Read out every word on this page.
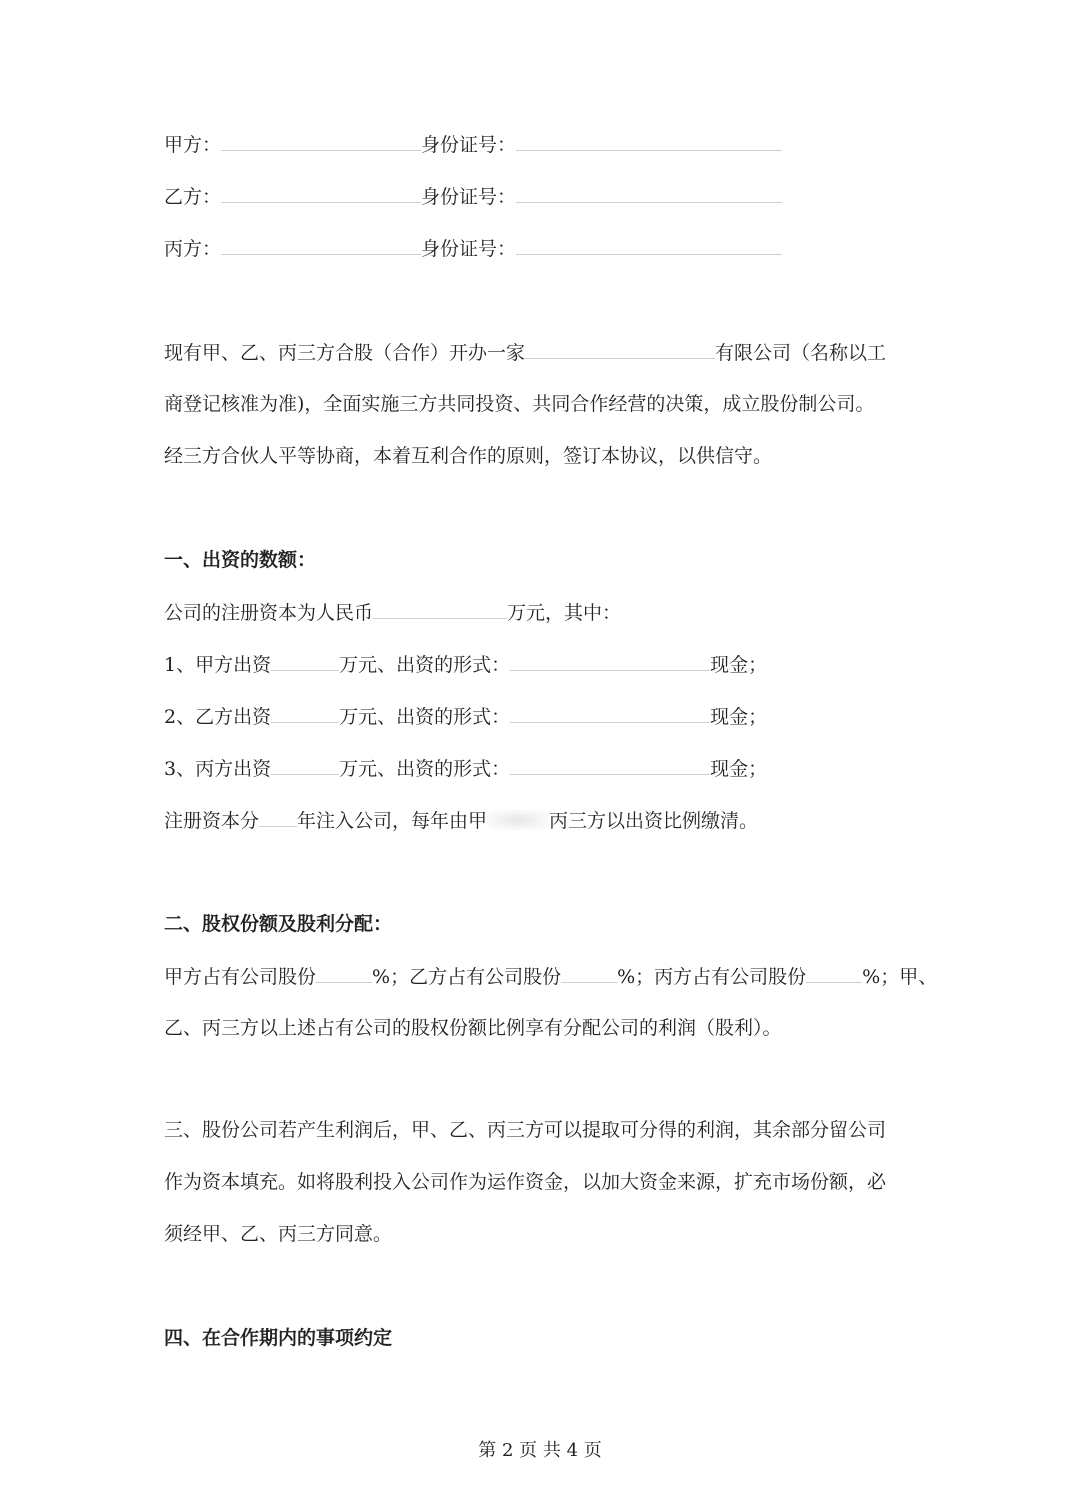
甲方：	身份证号：
乙方：	身份证号：
丙方：	身份证号：
现有甲、乙、丙三方合股（合作）开办一家	有限公司（名称以工
商登记核准为准)，全面实施三方共同投资、共同合作经营的决策，成立股份制公司。
经三方合伙人平等协商，本着互利合作的原则，签订本协议，以供信守。
一、出资的数额：
公司的注册资本为人民币	万元，其中：
1、甲方出资	万元、出资的形式：	现金；
2、乙方出资	万元、出资的形式：	现金；
3、丙方出资	万元、出资的形式：	现金；
注册资本分 年注入公司，每年由甲	丙三方以出资比例缴清。
二、股权份额及股利分配：
甲方占有公司股份	%；乙方占有公司股份	%；丙方占有公司股份	%；甲、
乙、丙三方以上述占有公司的股权份额比例享有分配公司的利润（股利）。
三、股份公司若产生利润后，甲、乙、丙三方可以提取可分得的利润，其余部分留公司
作为资本填充。如将股利投入公司作为运作资金，以加大资金来源，扩充市场份额，必
须经甲、乙、丙三方同意。
四、在合作期内的事项约定
第 2 页 共 4 页
